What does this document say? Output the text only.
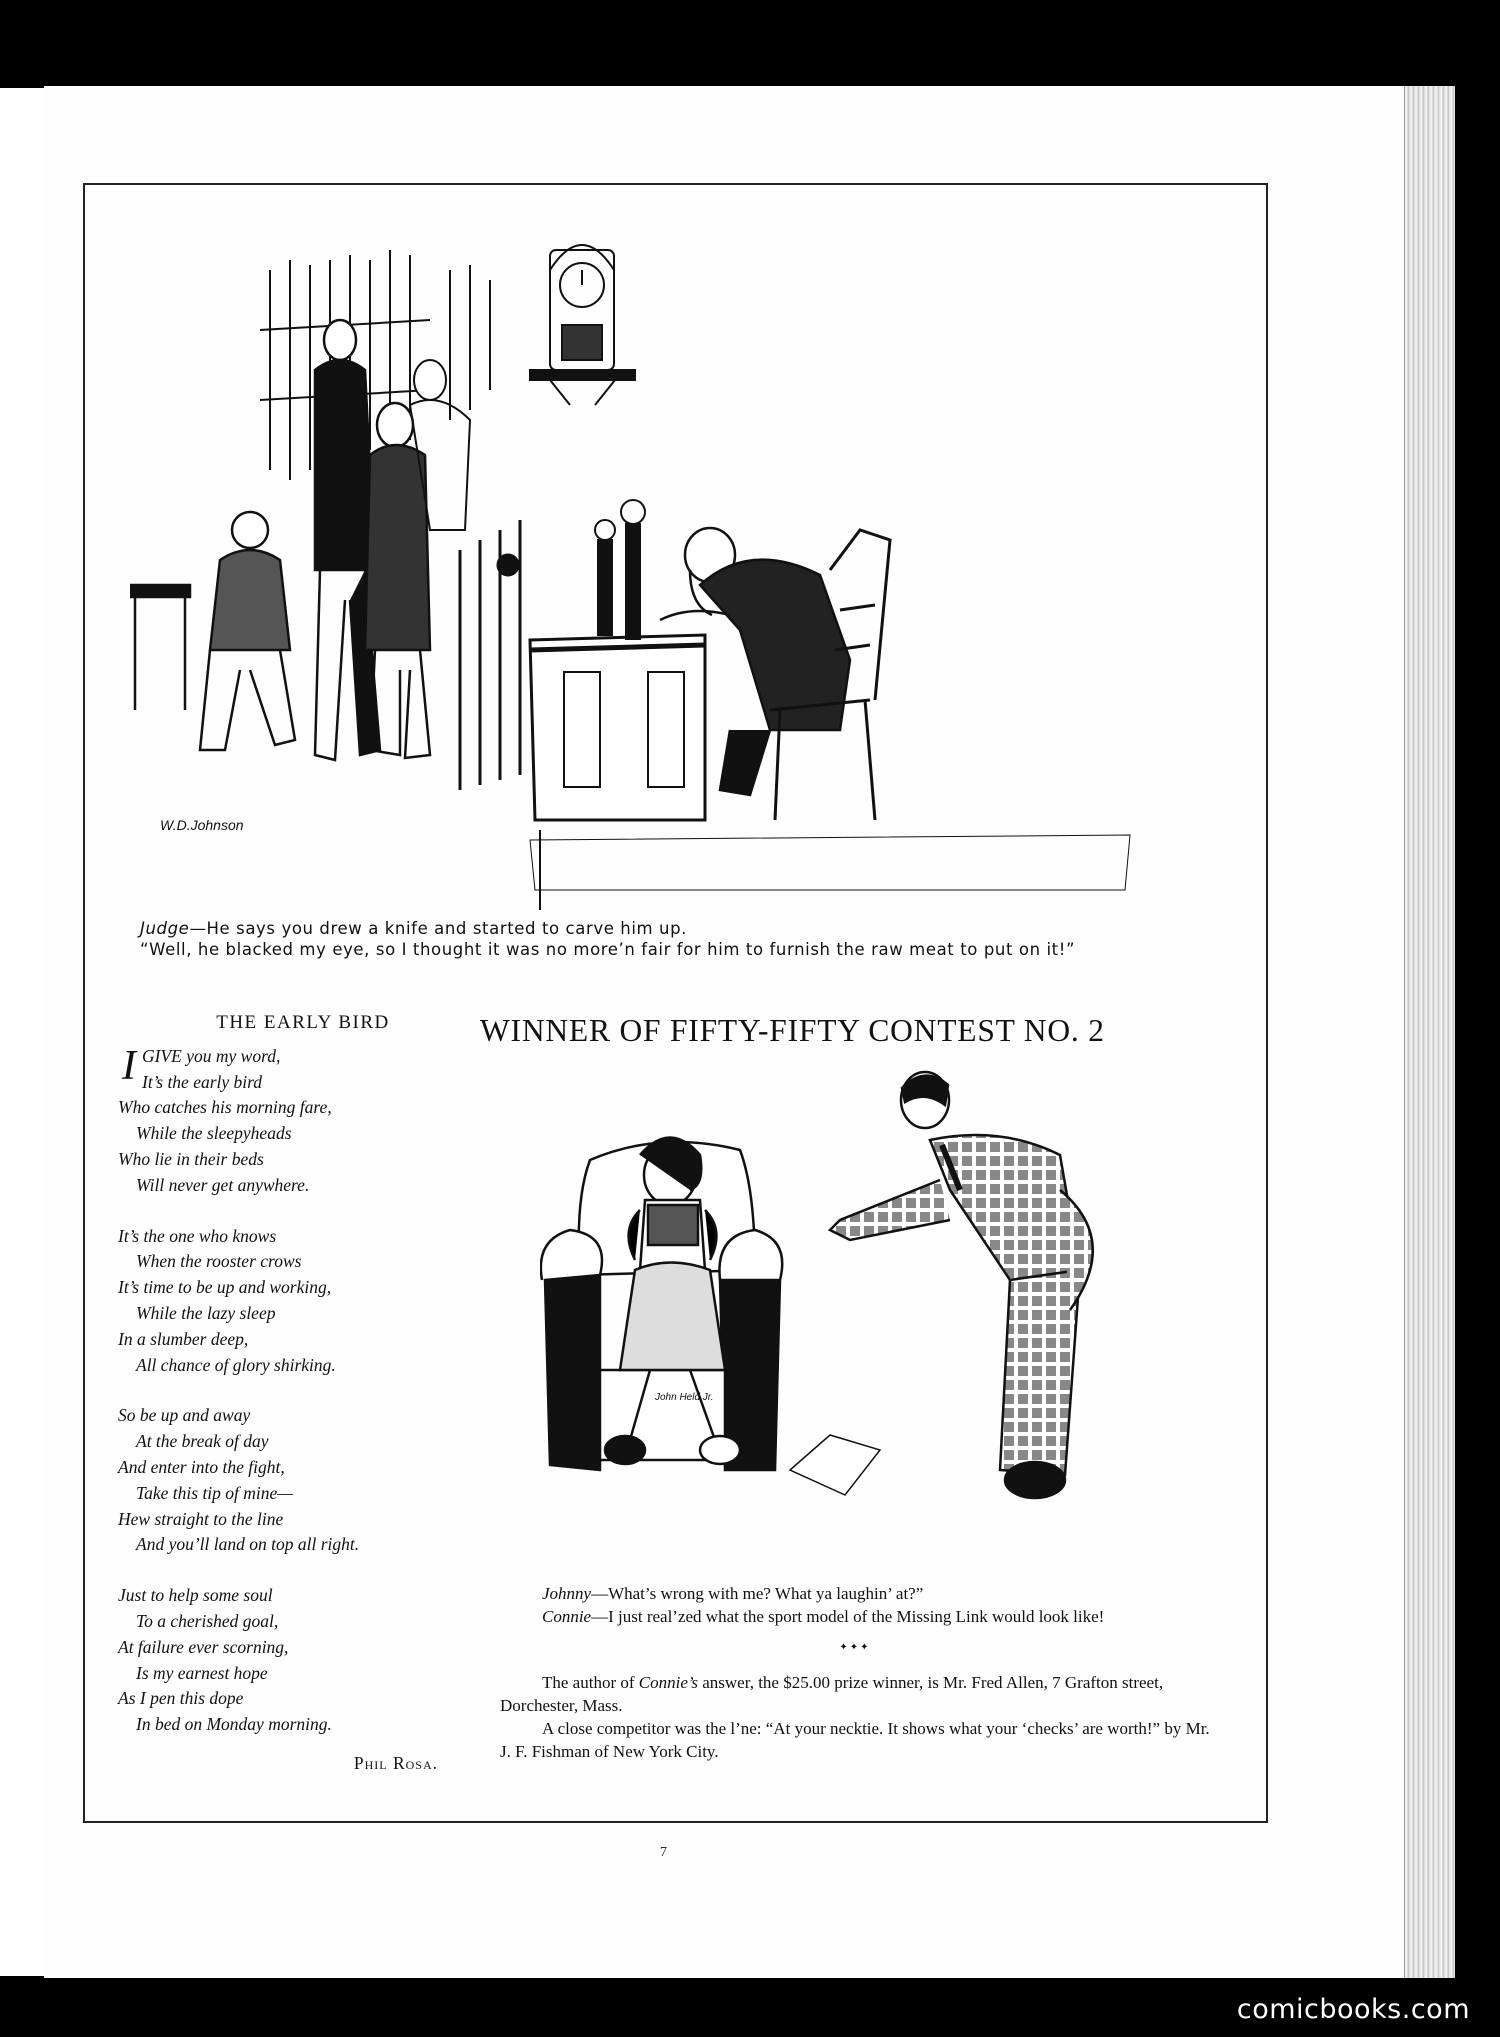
W.D.Johnson
Judge—He says you drew a knife and started to carve him up.
“Well, he blacked my eye, so I thought it was no more’n fair for him to furnish the raw meat to put on it!”
THE EARLY BIRD
I GIVE you my word,
It’s the early bird
Who catches his morning fare,
While the sleepyheads
Who lie in their beds
Will never get anywhere.
It’s the one who knows
When the rooster crows
It’s time to be up and working,
While the lazy sleep
In a slumber deep,
All chance of glory shirking.
So be up and away
At the break of day
And enter into the fight,
Take this tip of mine—
Hew straight to the line
And you’ll land on top all right.
Just to help some soul
To a cherished goal,
At failure ever scorning,
Is my earnest hope
As I pen this dope
In bed on Monday morning.
Phil Rosa.
WINNER OF FIFTY-FIFTY CONTEST NO. 2
John Held Jr.

Johnny—What’s wrong with me? What ya laughin’ at?”

Connie—I just real’zed what the sport model of the Missing Link would look like!

✦✦✦

The author of Connie’s answer, the $25.00 prize winner, is Mr. Fred Allen, 7 Grafton street, Dorchester, Mass.

A close competitor was the l’ne: “At your necktie. It shows what your ‘checks’ are worth!” by Mr. J. F. Fishman of New York City.

7
comicbooks.com
